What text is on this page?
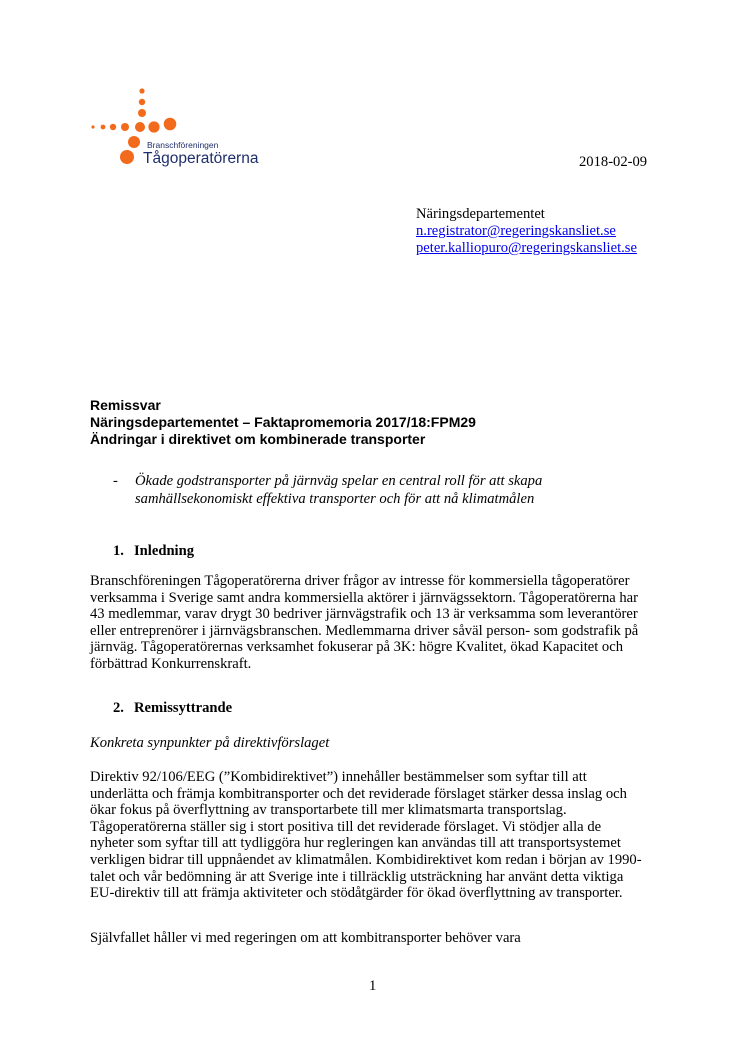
Branschföreningen
Tågoperatörerna	2018-02-09
Näringsdepartementet
n.registrator@regeringskansliet.se
peter.kalliopuro@regeringskansliet.se
Remissvar
Näringsdepartementet – Faktapromemoria 2017/18:FPM29
Ändringar i direktivet om kombinerade transporter
- Ökade godstransporter på järnväg spelar en central roll för att skapa
samhällsekonomiskt effektiva transporter och för att nå klimatmålen
1. Inledning
Branschföreningen Tågoperatörerna driver frågor av intresse för kommersiella tågoperatörer
verksamma i Sverige samt andra kommersiella aktörer i järnvägssektorn. Tågoperatörerna har
43 medlemmar, varav drygt 30 bedriver järnvägstrafik och 13 är verksamma som leverantörer
eller entreprenörer i järnvägsbranschen. Medlemmarna driver såväl person- som godstrafik på
järnväg. Tågoperatörernas verksamhet fokuserar på 3K: högre Kvalitet, ökad Kapacitet och
förbättrad Konkurrenskraft.
2. Remissyttrande
Konkreta synpunkter på direktivförslaget
Direktiv 92/106/EEG (”Kombidirektivet”) innehåller bestämmelser som syftar till att
underlätta och främja kombitransporter och det reviderade förslaget stärker dessa inslag och
ökar fokus på överflyttning av transportarbete till mer klimatsmarta transportslag.
Tågoperatörerna ställer sig i stort positiva till det reviderade förslaget. Vi stödjer alla de
nyheter som syftar till att tydliggöra hur regleringen kan användas till att transportsystemet
verkligen bidrar till uppnåendet av klimatmålen. Kombidirektivet kom redan i början av 1990-
talet och vår bedömning är att Sverige inte i tillräcklig utsträckning har använt detta viktiga
EU-direktiv till att främja aktiviteter och stödåtgärder för ökad överflyttning av transporter.
Självfallet håller vi med regeringen om att kombitransporter behöver vara
1
